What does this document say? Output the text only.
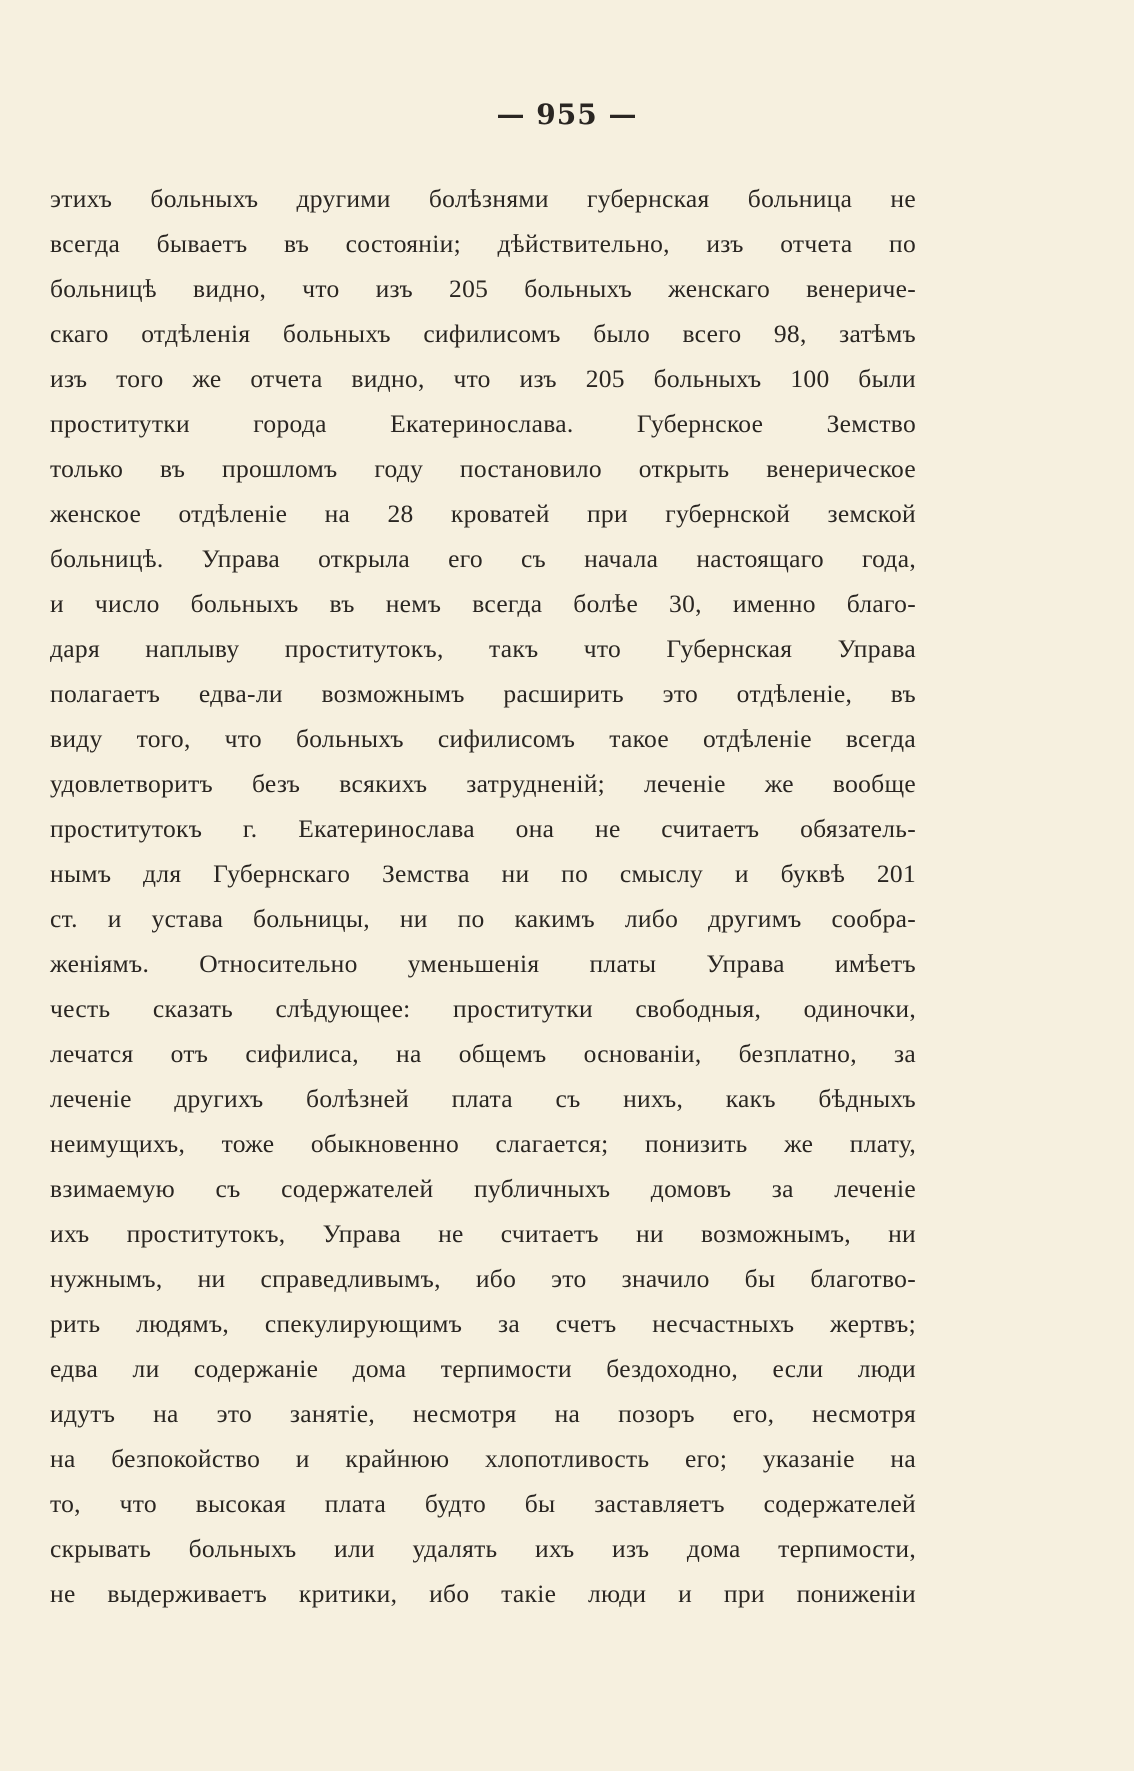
— 955 —
этихъ больныхъ другими болѣзнями губернская больница не
всегда бываетъ въ состояніи; дѣйствительно, изъ отчета по
больницѣ видно, что изъ 205 больныхъ женскаго венериче-
скаго отдѣленія больныхъ сифилисомъ было всего 98, затѣмъ
изъ того же отчета видно, что изъ 205 больныхъ 100 были
проститутки города Екатеринослава. Губернское Земство
только въ прошломъ году постановило открыть венерическое
женское отдѣленіе на 28 кроватей при губернской земской
больницѣ. Управа открыла его съ начала настоящаго года,
и число больныхъ въ немъ всегда болѣе 30, именно благо-
даря наплыву проститутокъ, такъ что Губернская Управа
полагаетъ едва-ли возможнымъ расширить это отдѣленіе, въ
виду того, что больныхъ сифилисомъ такое отдѣленіе всегда
удовлетворитъ безъ всякихъ затрудненій; леченіе же вообще
проститутокъ г. Екатеринослава она не считаетъ обязатель-
нымъ для Губернскаго Земства ни по смыслу и буквѣ 201
ст. и устава больницы, ни по какимъ либо другимъ сообра-
женіямъ. Относительно уменьшенія платы Управа имѣетъ
честь сказать слѣдующее: проститутки свободныя, одиночки,
лечатся отъ сифилиса, на общемъ основаніи, безплатно, за
леченіе другихъ болѣзней плата съ нихъ, какъ бѣдныхъ
неимущихъ, тоже обыкновенно слагается; понизить же плату,
взимаемую съ содержателей публичныхъ домовъ за леченіе
ихъ проститутокъ, Управа не считаетъ ни возможнымъ, ни
нужнымъ, ни справедливымъ, ибо это значило бы благотво-
рить людямъ, спекулирующимъ за счетъ несчастныхъ жертвъ;
едва ли содержаніе дома терпимости бездоходно, если люди
идутъ на это занятіе, несмотря на позоръ его, несмотря
на безпокойство и крайнюю хлопотливость его; указаніе на
то, что высокая плата будто бы заставляетъ содержателей
скрывать больныхъ или удалять ихъ изъ дома терпимости,
не выдерживаетъ критики, ибо такіе люди и при пониженіи
